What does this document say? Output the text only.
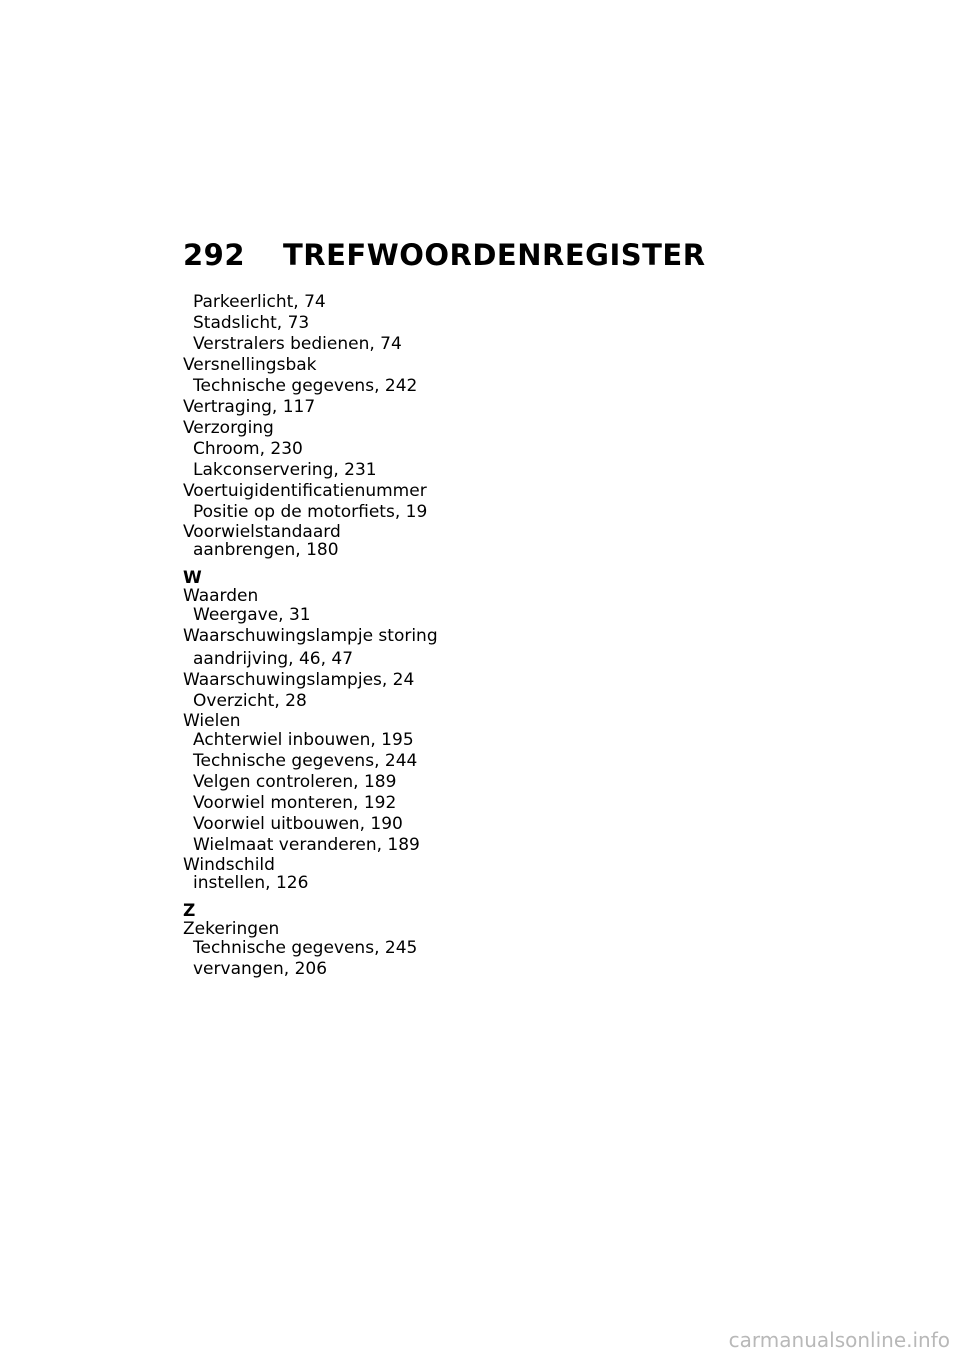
292 TREFWOORDENREGISTER
Parkeerlicht, 74
Stadslicht, 73
Verstralers bedienen, 74
Versnellingsbak
Technische gegevens, 242
Vertraging, 117
Verzorging
Chroom, 230
Lakconservering, 231
Voertuigidentificatienummer
Positie op de motorfiets, 19
Voorwielstandaard
aanbrengen, 180
W
Waarden
Weergave, 31
Waarschuwingslampje storing
aandrijving, 46, 47
Waarschuwingslampjes, 24
Overzicht, 28
Wielen
Achterwiel inbouwen, 195
Technische gegevens, 244
Velgen controleren, 189
Voorwiel monteren, 192
Voorwiel uitbouwen, 190
Wielmaat veranderen, 189
Windschild
instellen, 126
Z
Zekeringen
Technische gegevens, 245
vervangen, 206
carmanualsonline.info
